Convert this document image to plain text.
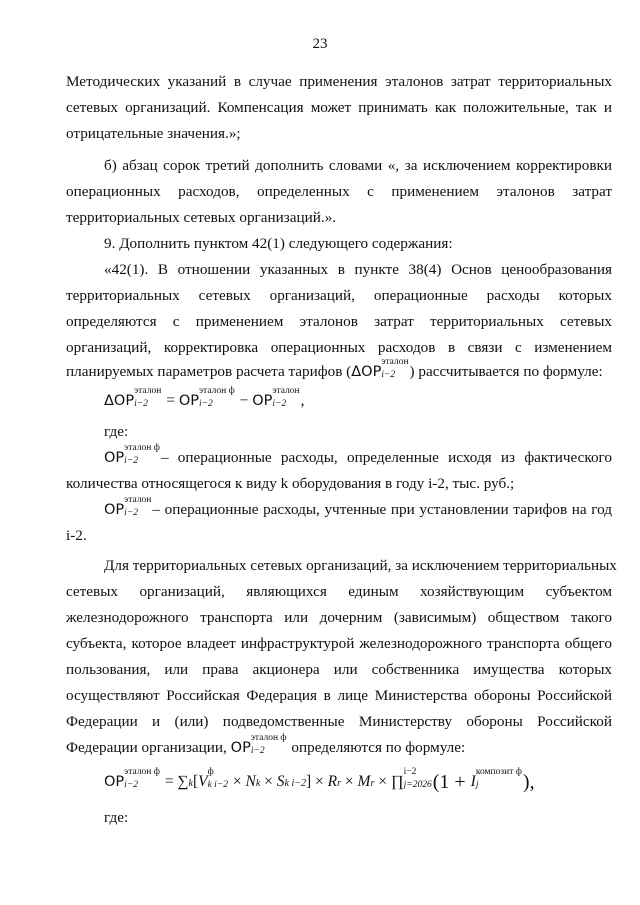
23
Методических указаний в случае применения эталонов затрат территориальных
сетевых организаций. Компенсация может принимать как положительные, так и
отрицательные значения.»;
б) абзац сорок третий дополнить словами «, за исключением корректировки
операционных расходов, определенных с применением эталонов затрат
территориальных сетевых организаций.».
9. Дополнить пунктом 42(1) следующего содержания:
«42(1). В отношении указанных в пункте 38(4) Основ ценообразования
территориальных сетевых организаций, операционные расходы которых
определяются с применением эталонов затрат территориальных сетевых
организаций, корректировка операционных расходов в связи с изменением
планируемых параметров расчета тарифов (ΔOP
эталон
i−2 ) рассчитывается по формуле:
ΔOP
эталон
i−2 = OP
эталон ф
i−2	− OP
эталон
i−2 ,
где:
OP
эталон ф
i−2	– операционные расходы, определенные исходя из фактического
количества относящегося к виду k оборудования в году i-2, тыс. руб.;
OP
эталон
i−2 – операционные расходы, учтенные при установлении тарифов на год
i-2.
Для территориальных сетевых организаций, за исключением территориальных
сетевых организаций, являющихся единым хозяйствующим субъектом
железнодорожного транспорта или дочерним (зависимым) обществом такого
субъекта, которое владеет инфраструктурой железнодорожного транспорта общего
пользования, или права акционера или собственника имущества которых
осуществляют Российская Федерация в лице Министерства обороны Российской
Федерации и (или) подведомственные Министерству обороны Российской
Федерации организации, OP
эталон ф
i−2	определяются по формуле:
OP
эталон ф
i−2	= ∑k[V
ф
k i−2 × Nk × Sk i−2] × Rr × Mr × ∏
i−2
j=2026 (1 + I
композит ф
j	),
где:
